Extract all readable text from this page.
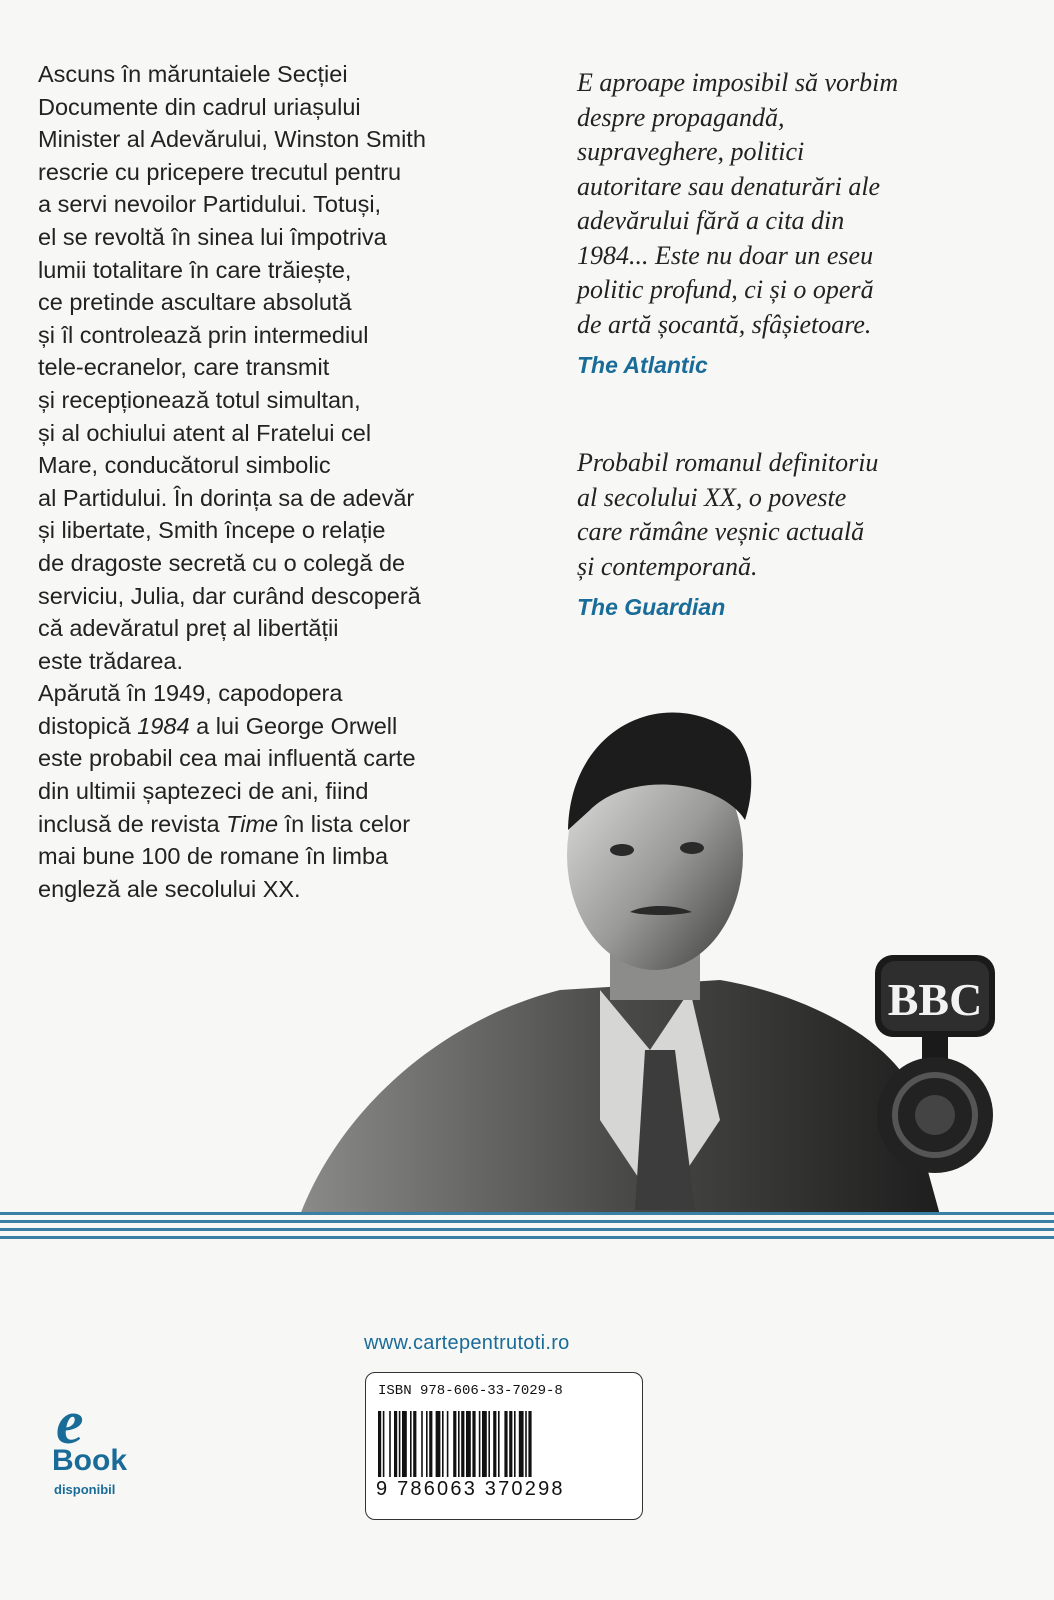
Ascuns în măruntaiele Secției
Documente din cadrul uriașului
Minister al Adevărului, Winston Smith
rescrie cu pricepere trecutul pentru
a servi nevoilor Partidului. Totuși,
el se revoltă în sinea lui împotriva
lumii totalitare în care trăiește,
ce pretinde ascultare absolută
și îl controlează prin intermediul
tele-ecranelor, care transmit
și recepționează totul simultan,
și al ochiului atent al Fratelui cel
Mare, conducătorul simbolic
al Partidului. În dorința sa de adevăr
și libertate, Smith începe o relație
de dragoste secretă cu o colegă de
serviciu, Julia, dar curând descoperă
că adevăratul preț al libertății
este trădarea.
Apărută în 1949, capodopera
distopică 1984 a lui George Orwell
este probabil cea mai influentă carte
din ultimii șaptezeci de ani, fiind
inclusă de revista Time în lista celor
mai bune 100 de romane în limba
engleză ale secolului XX.
E aproape imposibil să vorbim
despre propagandă,
supraveghere, politici
autoritare sau denaturări ale
adevărului fără a cita din
1984... Este nu doar un eseu
politic profund, ci și o operă
de artă șocantă, sfâșietoare.
The Atlantic
Probabil romanul definitoriu
al secolului XX, o poveste
care rămâne veșnic actuală
și contemporană.
The Guardian
BBC
www.cartepentrutoti.ro
ISBN 978-606-33-7029-8
9 786063 370298
e
Book
disponibil
